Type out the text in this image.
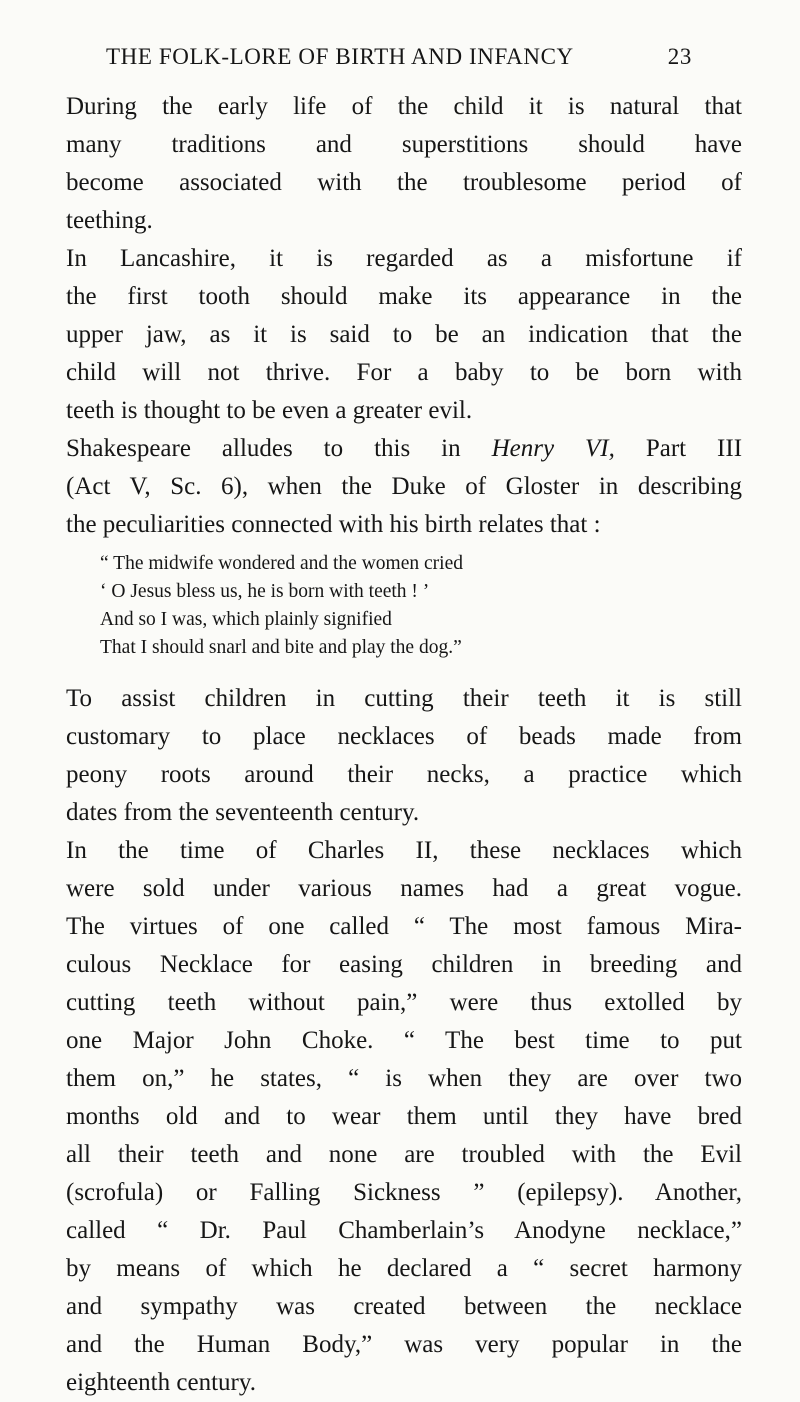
THE FOLK-LORE OF BIRTH AND INFANCY	23
During the early life of the child it is natural that
many traditions and superstitions should have
become associated with the troublesome period of
teething.
In Lancashire, it is regarded as a misfortune if
the first tooth should make its appearance in the
upper jaw, as it is said to be an indication that the
child will not thrive. For a baby to be born with
teeth is thought to be even a greater evil.
Shakespeare alludes to this in Henry VI, Part III
(Act V, Sc. 6), when the Duke of Gloster in describing
the peculiarities connected with his birth relates that :
“ The midwife wondered and the women cried
‘ O Jesus bless us, he is born with teeth ! ’
And so I was, which plainly signified
That I should snarl and bite and play the dog.”
To assist children in cutting their teeth it is still
customary to place necklaces of beads made from
peony roots around their necks, a practice which
dates from the seventeenth century.
In the time of Charles II, these necklaces which
were sold under various names had a great vogue.
The virtues of one called “ The most famous Mira-
culous Necklace for easing children in breeding and
cutting teeth without pain,” were thus extolled by
one Major John Choke. “ The best time to put
them on,” he states, “ is when they are over two
months old and to wear them until they have bred
all their teeth and none are troubled with the Evil
(scrofula) or Falling Sickness ” (epilepsy). Another,
called “ Dr. Paul Chamberlain’s Anodyne necklace,”
by means of which he declared a “ secret harmony
and sympathy was created between the necklace
and the Human Body,” was very popular in the
eighteenth century.
